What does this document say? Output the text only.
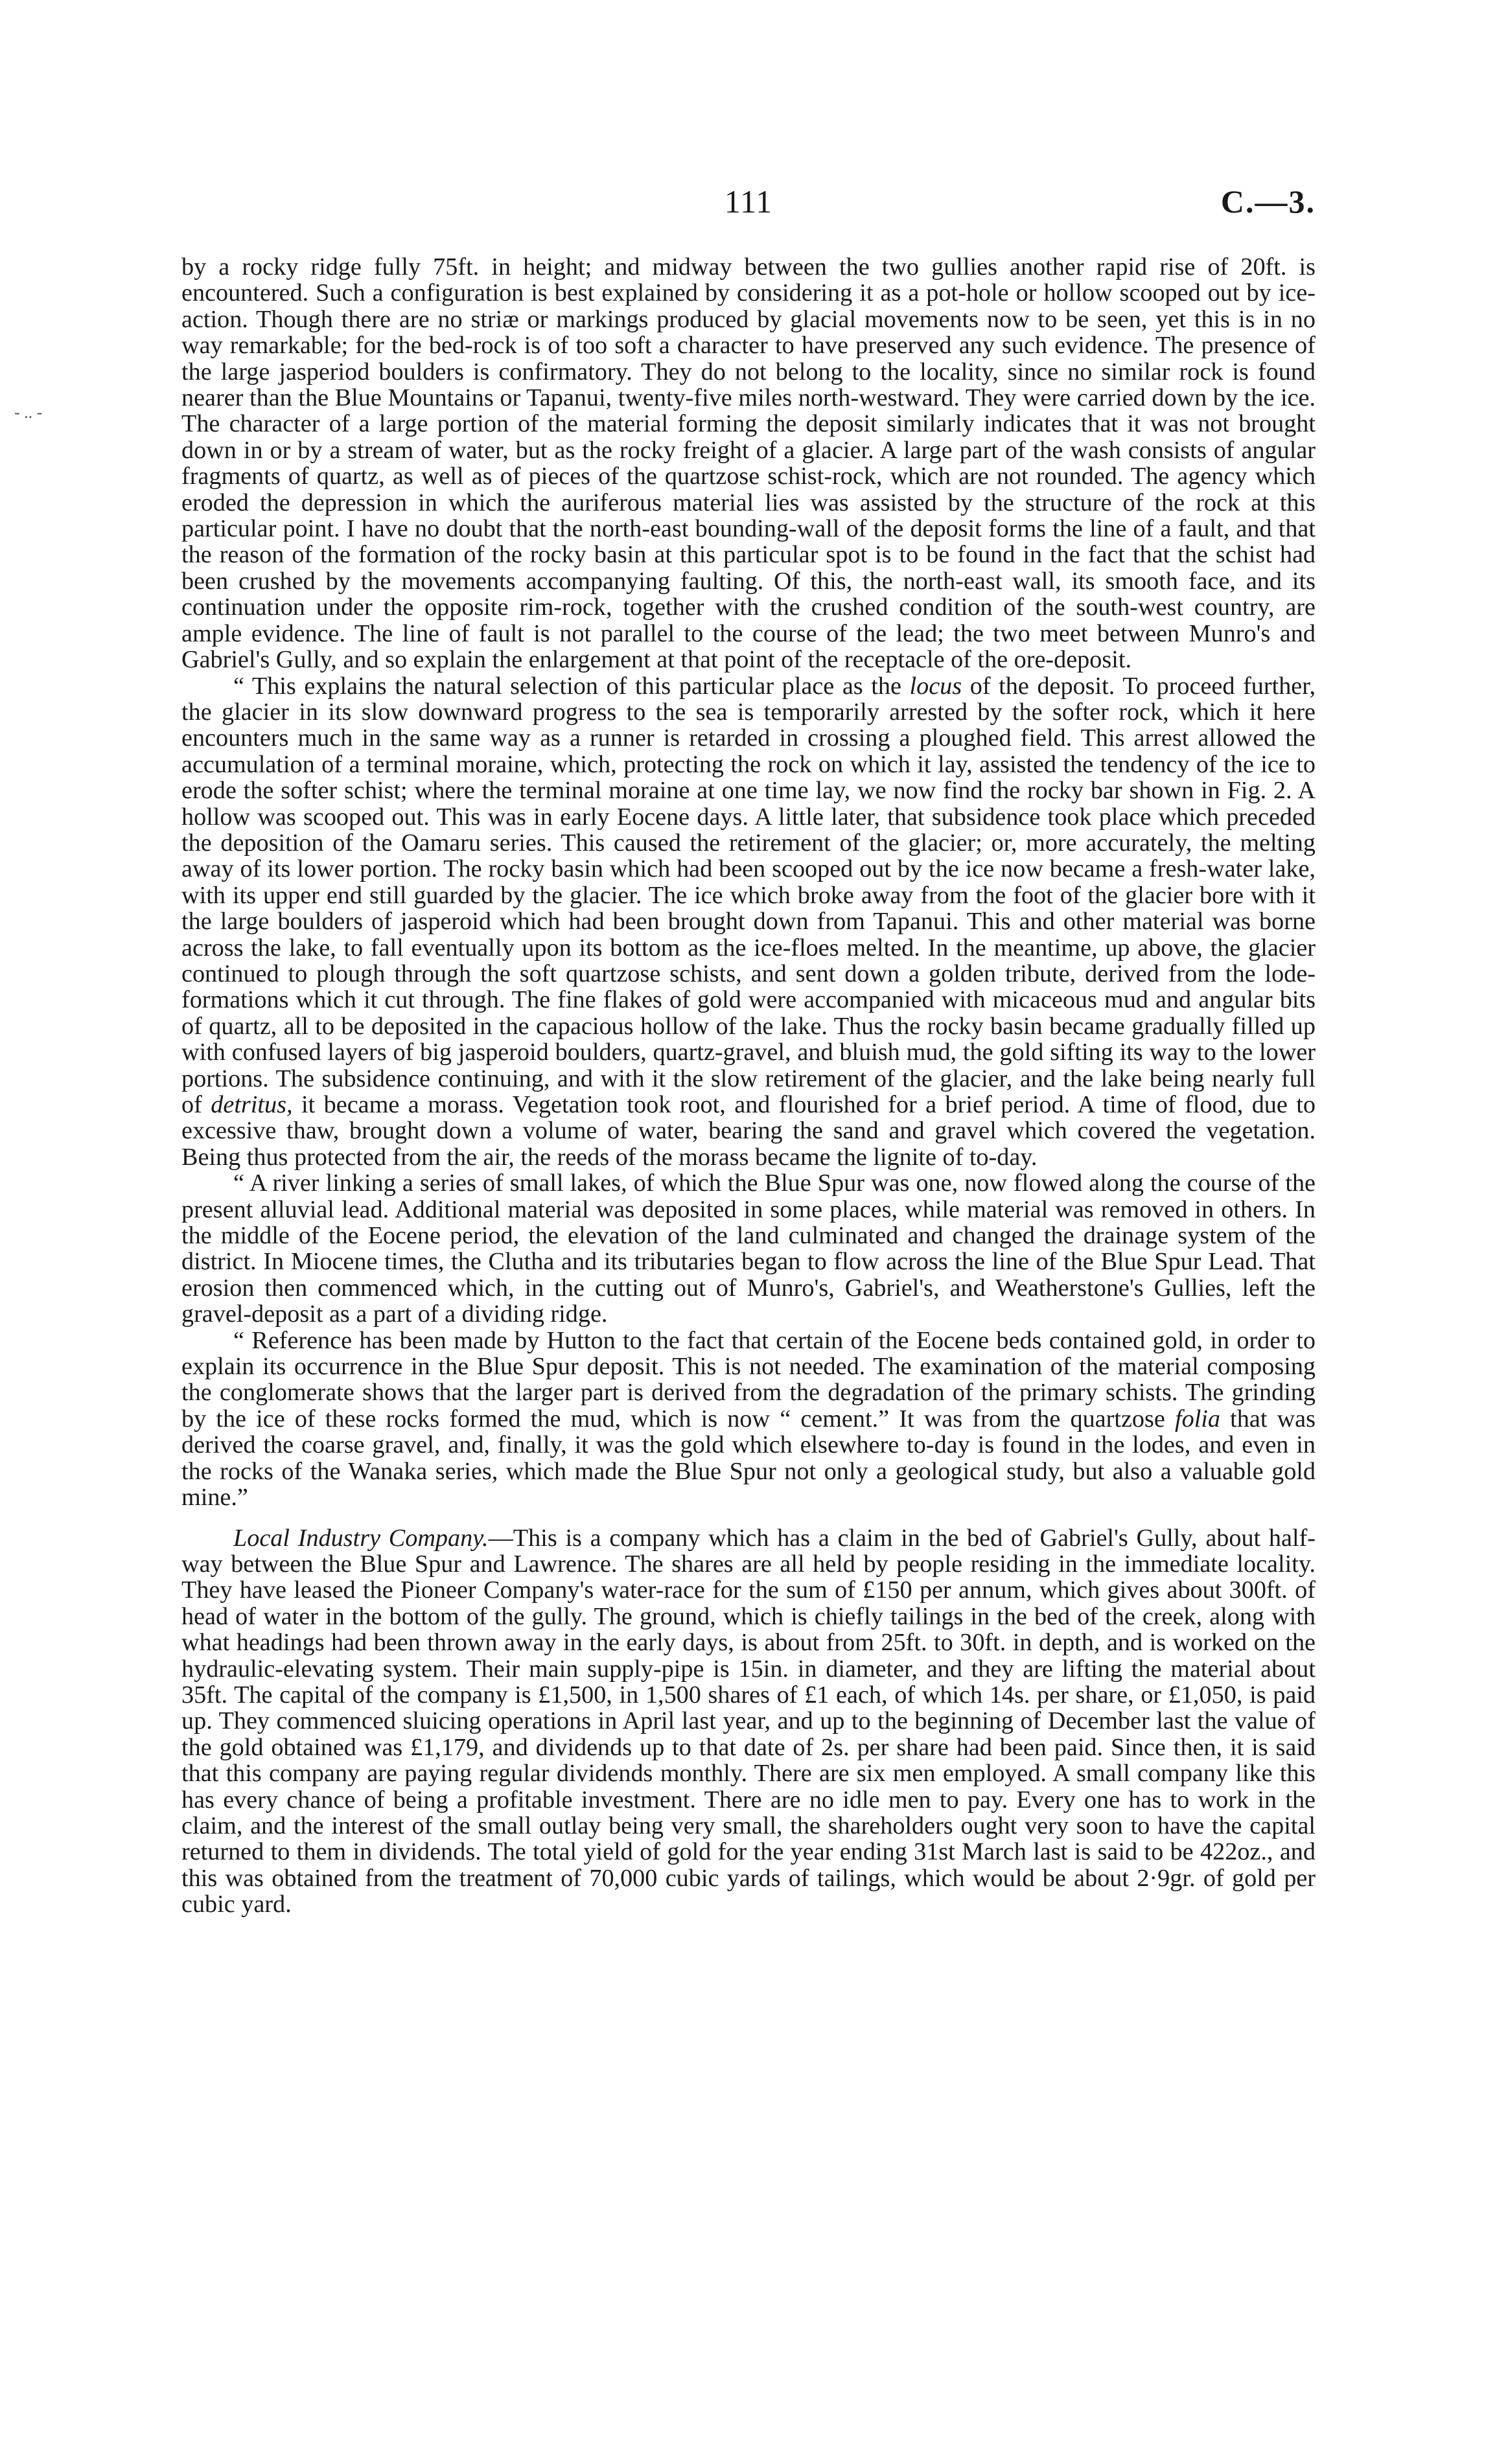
111	C.—3.
- .. -

by a rocky ridge fully 75ft. in height; and midway between the two gullies another rapid rise of 20ft. is encountered. Such a configuration is best explained by considering it as a pot-hole or hollow scooped out by ice-action. Though there are no striæ or markings produced by glacial movements now to be seen, yet this is in no way remarkable; for the bed-rock is of too soft a character to have preserved any such evidence. The presence of the large jasperiod boulders is confirmatory. They do not belong to the locality, since no similar rock is found nearer than the Blue Mountains or Tapanui, twenty-five miles north-westward. They were carried down by the ice. The character of a large portion of the material forming the deposit similarly indicates that it was not brought down in or by a stream of water, but as the rocky freight of a glacier. A large part of the wash consists of angular fragments of quartz, as well as of pieces of the quartzose schist-rock, which are not rounded. The agency which eroded the depression in which the auriferous material lies was assisted by the structure of the rock at this particular point. I have no doubt that the north-east bounding-wall of the deposit forms the line of a fault, and that the reason of the formation of the rocky basin at this particular spot is to be found in the fact that the schist had been crushed by the movements accompanying faulting. Of this, the north-east wall, its smooth face, and its continuation under the opposite rim-rock, together with the crushed condition of the south-west country, are ample evidence. The line of fault is not parallel to the course of the lead; the two meet between Munro's and Gabriel's Gully, and so explain the enlargement at that point of the receptacle of the ore-deposit.

“ This explains the natural selection of this particular place as the locus of the deposit. To proceed further, the glacier in its slow downward progress to the sea is temporarily arrested by the softer rock, which it here encounters much in the same way as a runner is retarded in crossing a ploughed field. This arrest allowed the accumulation of a terminal moraine, which, protecting the rock on which it lay, assisted the tendency of the ice to erode the softer schist; where the terminal moraine at one time lay, we now find the rocky bar shown in Fig. 2. A hollow was scooped out. This was in early Eocene days. A little later, that subsidence took place which preceded the deposition of the Oamaru series. This caused the retirement of the glacier; or, more accurately, the melting away of its lower portion. The rocky basin which had been scooped out by the ice now became a fresh-water lake, with its upper end still guarded by the glacier. The ice which broke away from the foot of the glacier bore with it the large boulders of jasperoid which had been brought down from Tapanui. This and other material was borne across the lake, to fall eventually upon its bottom as the ice-floes melted. In the meantime, up above, the glacier continued to plough through the soft quartzose schists, and sent down a golden tribute, derived from the lode-formations which it cut through. The fine flakes of gold were accompanied with micaceous mud and angular bits of quartz, all to be deposited in the capacious hollow of the lake. Thus the rocky basin became gradually filled up with confused layers of big jasperoid boulders, quartz-gravel, and bluish mud, the gold sifting its way to the lower portions. The subsidence continuing, and with it the slow retirement of the glacier, and the lake being nearly full of detritus, it became a morass. Vegetation took root, and flourished for a brief period. A time of flood, due to excessive thaw, brought down a volume of water, bearing the sand and gravel which covered the vegetation. Being thus protected from the air, the reeds of the morass became the lignite of to-day.

“ A river linking a series of small lakes, of which the Blue Spur was one, now flowed along the course of the present alluvial lead. Additional material was deposited in some places, while material was removed in others. In the middle of the Eocene period, the elevation of the land culminated and changed the drainage system of the district. In Miocene times, the Clutha and its tributaries began to flow across the line of the Blue Spur Lead. That erosion then commenced which, in the cutting out of Munro's, Gabriel's, and Weatherstone's Gullies, left the gravel-deposit as a part of a dividing ridge.

“ Reference has been made by Hutton to the fact that certain of the Eocene beds contained gold, in order to explain its occurrence in the Blue Spur deposit. This is not needed. The examination of the material composing the conglomerate shows that the larger part is derived from the degradation of the primary schists. The grinding by the ice of these rocks formed the mud, which is now “ cement.” It was from the quartzose folia that was derived the coarse gravel, and, finally, it was the gold which elsewhere to-day is found in the lodes, and even in the rocks of the Wanaka series, which made the Blue Spur not only a geological study, but also a valuable gold mine.”

Local Industry Company.—This is a company which has a claim in the bed of Gabriel's Gully, about half-way between the Blue Spur and Lawrence. The shares are all held by people residing in the immediate locality. They have leased the Pioneer Company's water-race for the sum of £150 per annum, which gives about 300ft. of head of water in the bottom of the gully. The ground, which is chiefly tailings in the bed of the creek, along with what headings had been thrown away in the early days, is about from 25ft. to 30ft. in depth, and is worked on the hydraulic-elevating system. Their main supply-pipe is 15in. in diameter, and they are lifting the material about 35ft. The capital of the company is £1,500, in 1,500 shares of £1 each, of which 14s. per share, or £1,050, is paid up. They commenced sluicing operations in April last year, and up to the beginning of December last the value of the gold obtained was £1,179, and dividends up to that date of 2s. per share had been paid. Since then, it is said that this company are paying regular dividends monthly. There are six men employed. A small company like this has every chance of being a profitable investment. There are no idle men to pay. Every one has to work in the claim, and the interest of the small outlay being very small, the shareholders ought very soon to have the capital returned to them in dividends. The total yield of gold for the year ending 31st March last is said to be 422oz., and this was obtained from the treatment of 70,000 cubic yards of tailings, which would be about 2·9gr. of gold per cubic yard.
